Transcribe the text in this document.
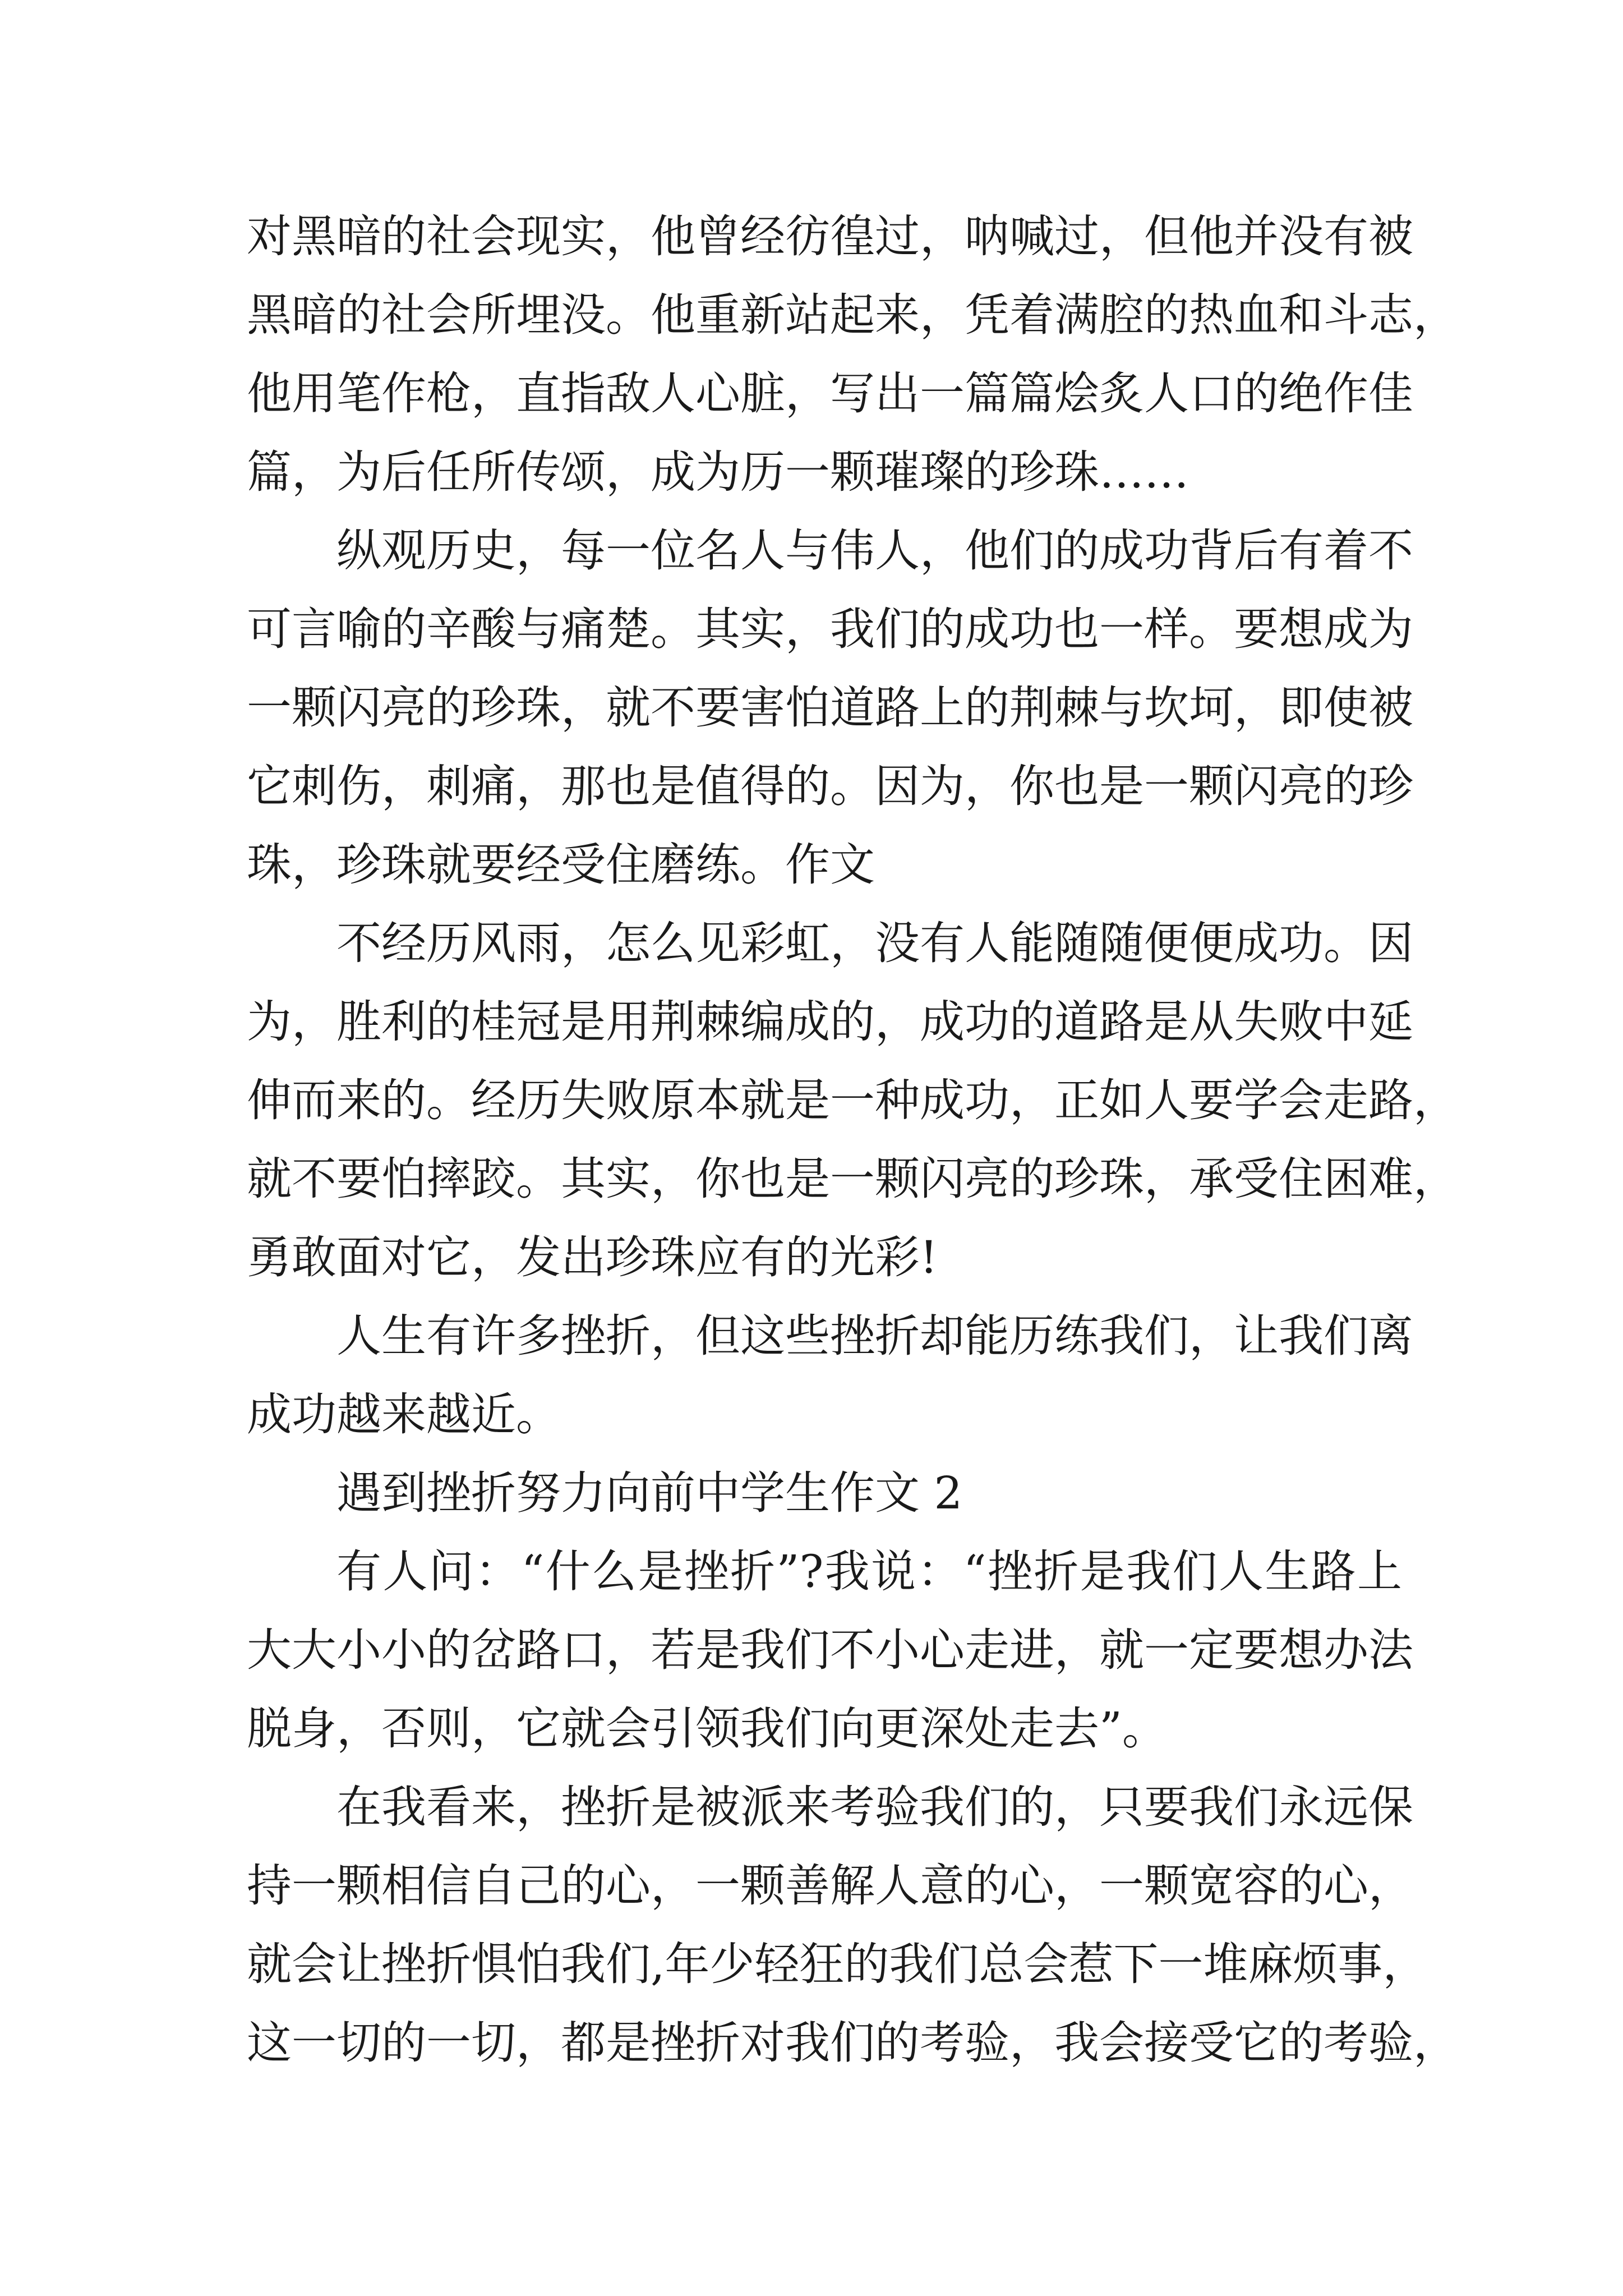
对黑暗的社会现实，他曾经彷徨过，呐喊过，但他并没有被
黑暗的社会所埋没。他重新站起来，凭着满腔的热血和斗志，
他用笔作枪，直指敌人心脏，写出一篇篇烩炙人口的绝作佳
篇，为后任所传颂，成为历一颗璀璨的珍珠……
纵观历史，每一位名人与伟人，他们的成功背后有着不
可言喻的辛酸与痛楚。其实，我们的成功也一样。要想成为
一颗闪亮的珍珠，就不要害怕道路上的荆棘与坎坷，即使被
它刺伤，刺痛，那也是值得的。因为，你也是一颗闪亮的珍
珠，珍珠就要经受住磨练。作文
不经历风雨，怎么见彩虹，没有人能随随便便成功。因
为，胜利的桂冠是用荆棘编成的，成功的道路是从失败中延
伸而来的。经历失败原本就是一种成功，正如人要学会走路，
就不要怕摔跤。其实，你也是一颗闪亮的珍珠，承受住困难，
勇敢面对它，发出珍珠应有的光彩!
人生有许多挫折，但这些挫折却能历练我们，让我们离
成功越来越近。
遇到挫折努力向前中学生作文 2
有人问：“什么是挫折”?我说：“挫折是我们人生路上
大大小小的岔路口，若是我们不小心走进，就一定要想办法
脱身，否则，它就会引领我们向更深处走去”。
在我看来，挫折是被派来考验我们的，只要我们永远保
持一颗相信自己的心，一颗善解人意的心，一颗宽容的心，
就会让挫折惧怕我们,年少轻狂的我们总会惹下一堆麻烦事，
这一切的一切，都是挫折对我们的考验，我会接受它的考验，
